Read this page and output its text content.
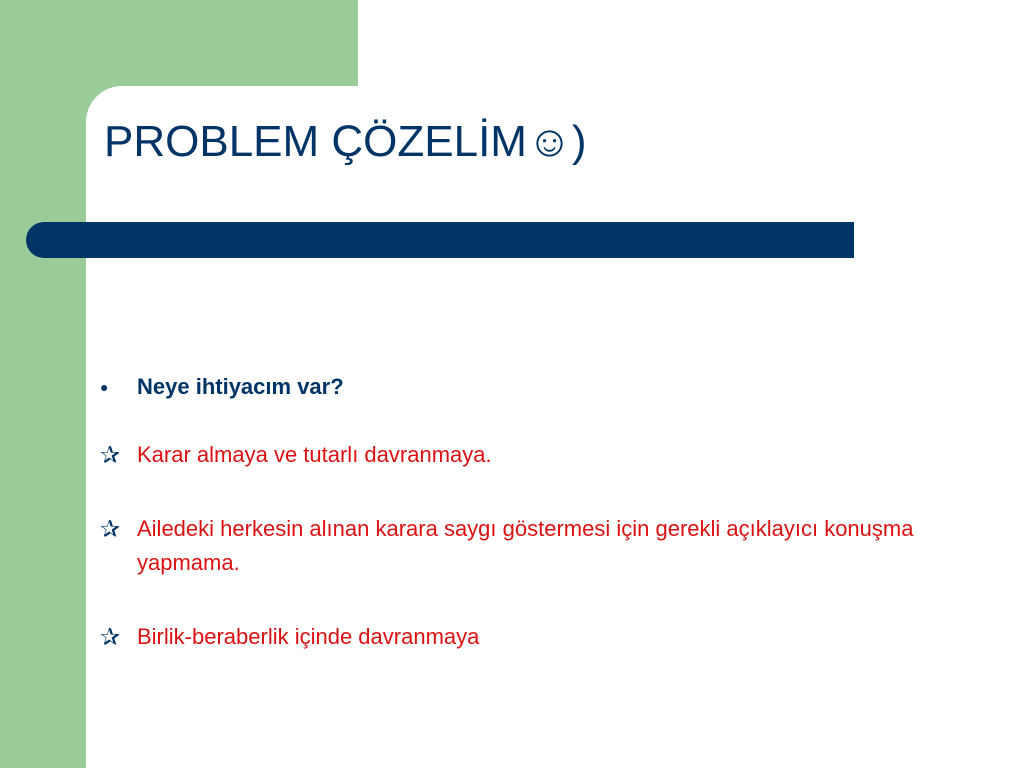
PROBLEM ÇÖZELİM☺)
●	Neye ihtiyacım var?
✰ Karar almaya ve tutarlı davranmaya.
✰ Ailedeki herkesin alınan karara saygı göstermesi için gerekli açıklayıcı konuşma yapmama.
✰ Birlik-beraberlik içinde davranmaya
